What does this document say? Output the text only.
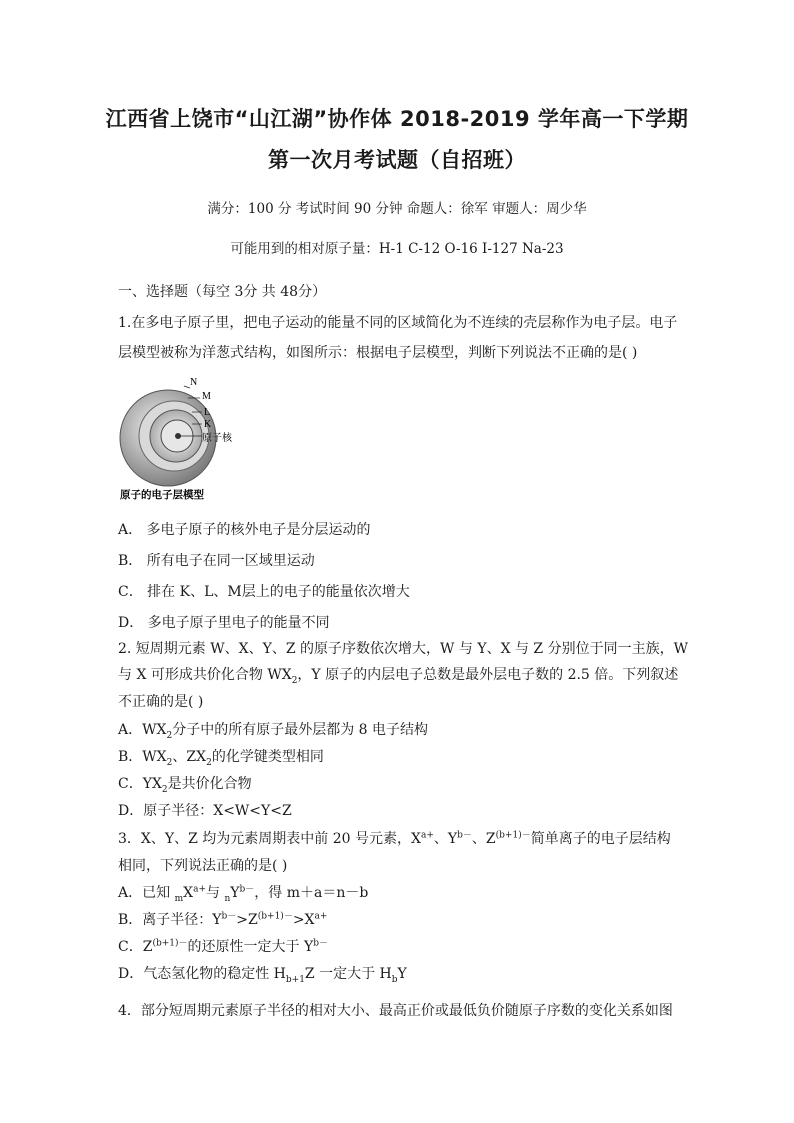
江西省上饶市“山江湖”协作体 2018-2019 学年高一下学期
第一次月考试题（自招班）
满分：100 分 考试时间 90 分钟 命题人：徐军 审题人：周少华
可能用到的相对原子量：H-1 C-12 O-16 I-127 Na-23
一、选择题（每空 3分 共 48分）
1.在多电子原子里，把电子运动的能量不同的区域简化为不连续的壳层称作为电子层。电子
层模型被称为洋葱式结构，如图所示：根据电子层模型，判断下列说法不正确的是( )
N
M
L
K
原子核
原子的电子层模型
A． 多电子原子的核外电子是分层运动的
B． 所有电子在同一区域里运动
C． 排在 K、L、M层上的电子的能量依次增大
D． 多电子原子里电子的能量不同
2. 短周期元素 W、X、Y、Z 的原子序数依次增大，W 与 Y、X 与 Z 分别位于同一主族，W
与 X 可形成共价化合物 $WX_2$，Y 原子的内层电子总数是最外层电子数的 2.5 倍。下列叙述
不正确的是( )
A．$WX_2$分子中的所有原子最外层都为 8 电子结构
B．$WX_2$、$ZX_2$的化学键类型相同
C．$YX_2$是共价化合物
D．原子半径：X<W<Y<Z
3．X、Y、Z 均为元素周期表中前 20 号元素，$X^{a+}$、$Y^{b-}$、$Z^{(b+1)-}$简单离子的电子层结构
相同，下列说法正确的是( )
A．已知 $_mX^{a+}$与 $_nY^{b-}$，得 m＋a＝n－b
B．离子半径：$Y^{b-}>Z^{(b+1)-}>X^{a+}$
C．$Z^{(b+1)-}$的还原性一定大于 $Y^{b-}$
D．气态氢化物的稳定性 $H_{b+1}Z$ 一定大于 $H_bY$
4．部分短周期元素原子半径的相对大小、最高正价或最低负价随原子序数的变化关系如图
